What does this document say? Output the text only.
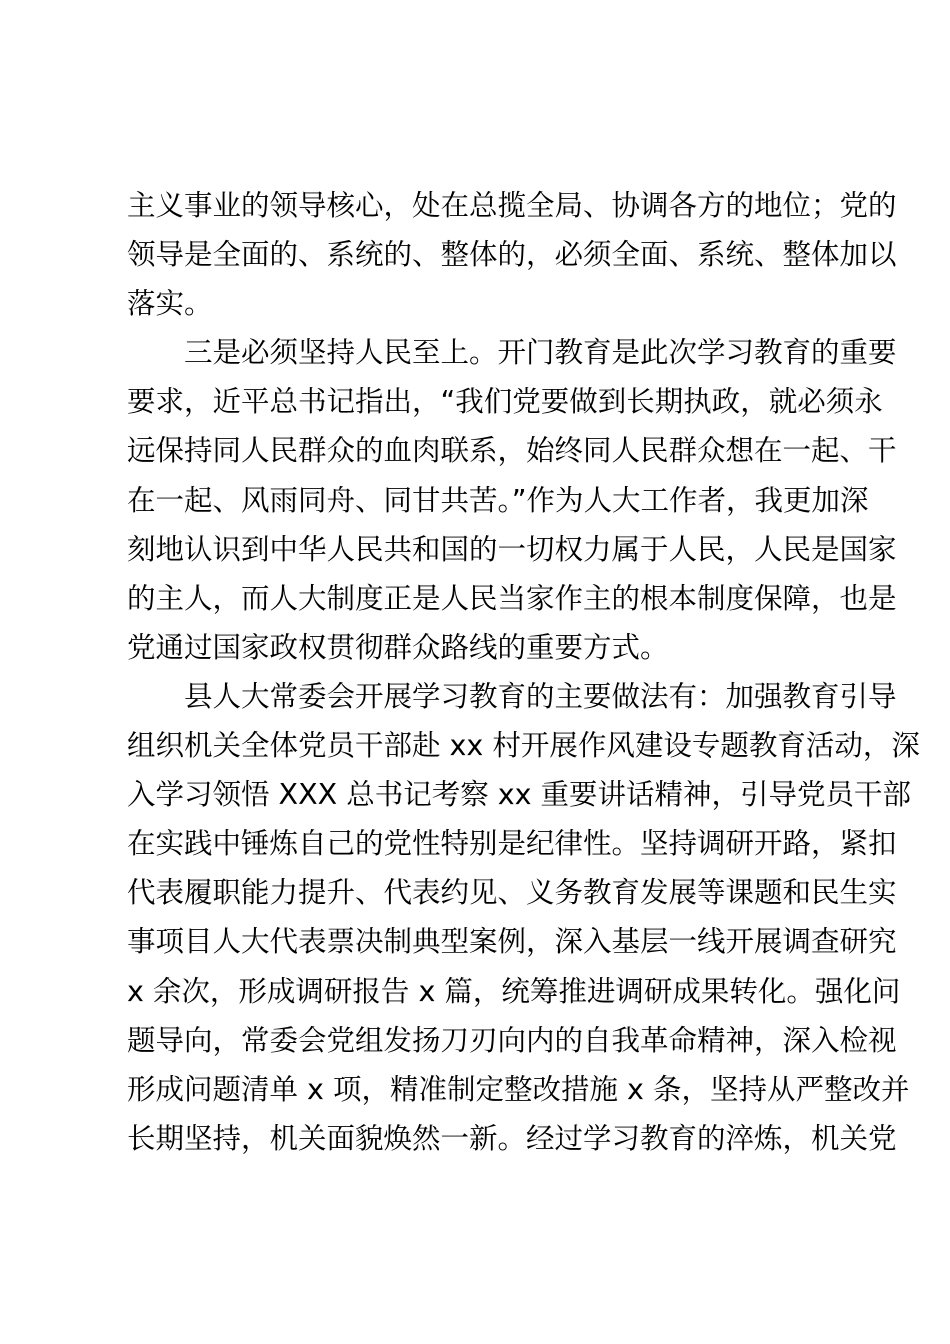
主义事业的领导核心，处在总揽全局、协调各方的地位；党的
领导是全面的、系统的、整体的，必须全面、系统、整体加以
落实。
三是必须坚持人民至上。开门教育是此次学习教育的重要
要求，近平总书记指出，“我们党要做到长期执政，就必须永
远保持同人民群众的血肉联系，始终同人民群众想在一起、干
在一起、风雨同舟、同甘共苦。”作为人大工作者，我更加深
刻地认识到中华人民共和国的一切权力属于人民，人民是国家
的主人，而人大制度正是人民当家作主的根本制度保障，也是
党通过国家政权贯彻群众路线的重要方式。
县人大常委会开展学习教育的主要做法有：加强教育引导
组织机关全体党员干部赴 xx 村开展作风建设专题教育活动，深
入学习领悟 XXX 总书记考察 xx 重要讲话精神，引导党员干部
在实践中锤炼自己的党性特别是纪律性。坚持调研开路，紧扣
代表履职能力提升、代表约见、义务教育发展等课题和民生实
事项目人大代表票决制典型案例，深入基层一线开展调查研究
x 余次，形成调研报告 x 篇，统筹推进调研成果转化。强化问
题导向，常委会党组发扬刀刃向内的自我革命精神，深入检视
形成问题清单 x 项，精准制定整改措施 x 条，坚持从严整改并
长期坚持，机关面貌焕然一新。经过学习教育的淬炼，机关党
